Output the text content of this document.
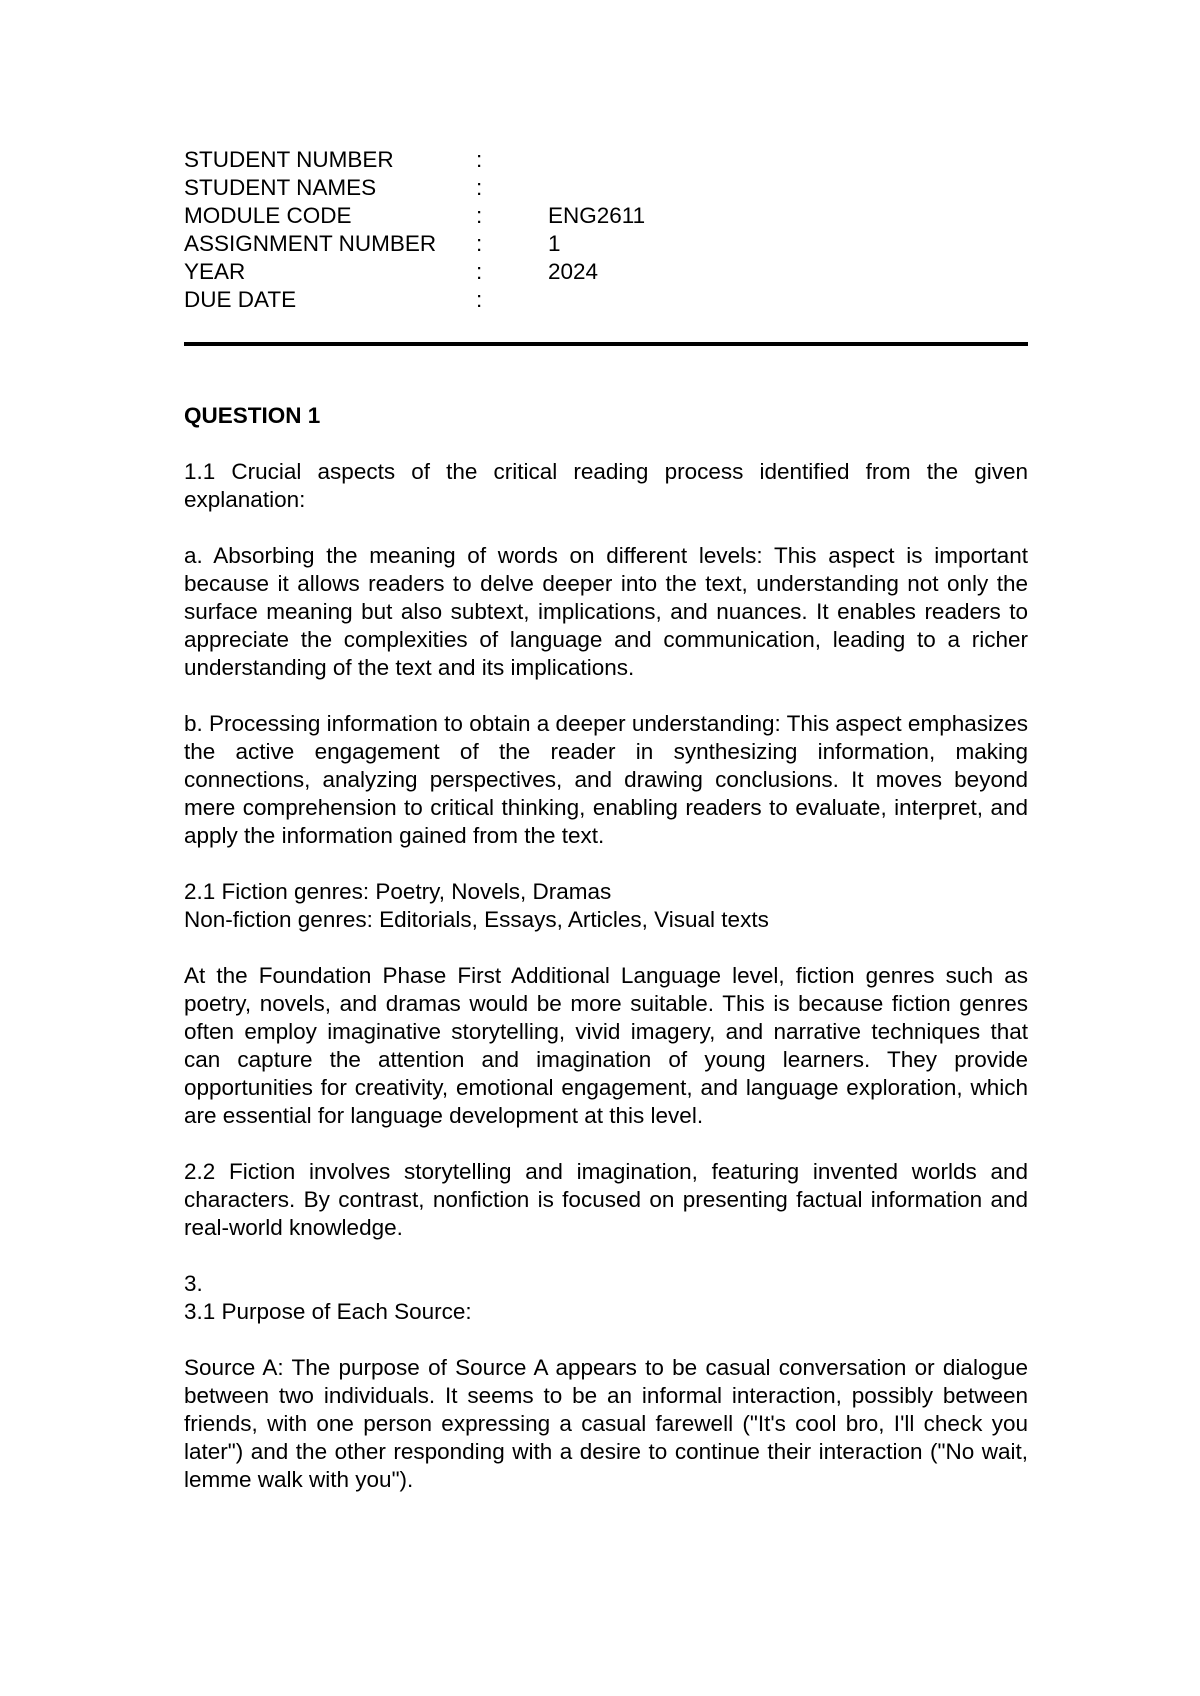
STUDENT NUMBER	:
STUDENT NAMES	:
MODULE CODE	:	ENG2611
ASSIGNMENT NUMBER	:	1
YEAR	:	2024
DUE DATE	:
QUESTION 1

1.1 Crucial aspects of the critical reading process identified from the given explanation:

a. Absorbing the meaning of words on different levels: This aspect is important because it allows readers to delve deeper into the text, understanding not only the surface meaning but also subtext, implications, and nuances. It enables readers to appreciate the complexities of language and communication, leading to a richer understanding of the text and its implications.

b. Processing information to obtain a deeper understanding: This aspect emphasizes the active engagement of the reader in synthesizing information, making connections, analyzing perspectives, and drawing conclusions. It moves beyond mere comprehension to critical thinking, enabling readers to evaluate, interpret, and apply the information gained from the text.

2.1 Fiction genres: Poetry, Novels, Dramas

Non-fiction genres: Editorials, Essays, Articles, Visual texts

At the Foundation Phase First Additional Language level, fiction genres such as poetry, novels, and dramas would be more suitable. This is because fiction genres often employ imaginative storytelling, vivid imagery, and narrative techniques that can capture the attention and imagination of young learners. They provide opportunities for creativity, emotional engagement, and language exploration, which are essential for language development at this level.

2.2 Fiction involves storytelling and imagination, featuring invented worlds and characters. By contrast, nonfiction is focused on presenting factual information and real-world knowledge.

3.

3.1 Purpose of Each Source:

Source A: The purpose of Source A appears to be casual conversation or dialogue between two individuals. It seems to be an informal interaction, possibly between friends, with one person expressing a casual farewell ("It's cool bro, I'll check you later") and the other responding with a desire to continue their interaction ("No wait, lemme walk with you").
